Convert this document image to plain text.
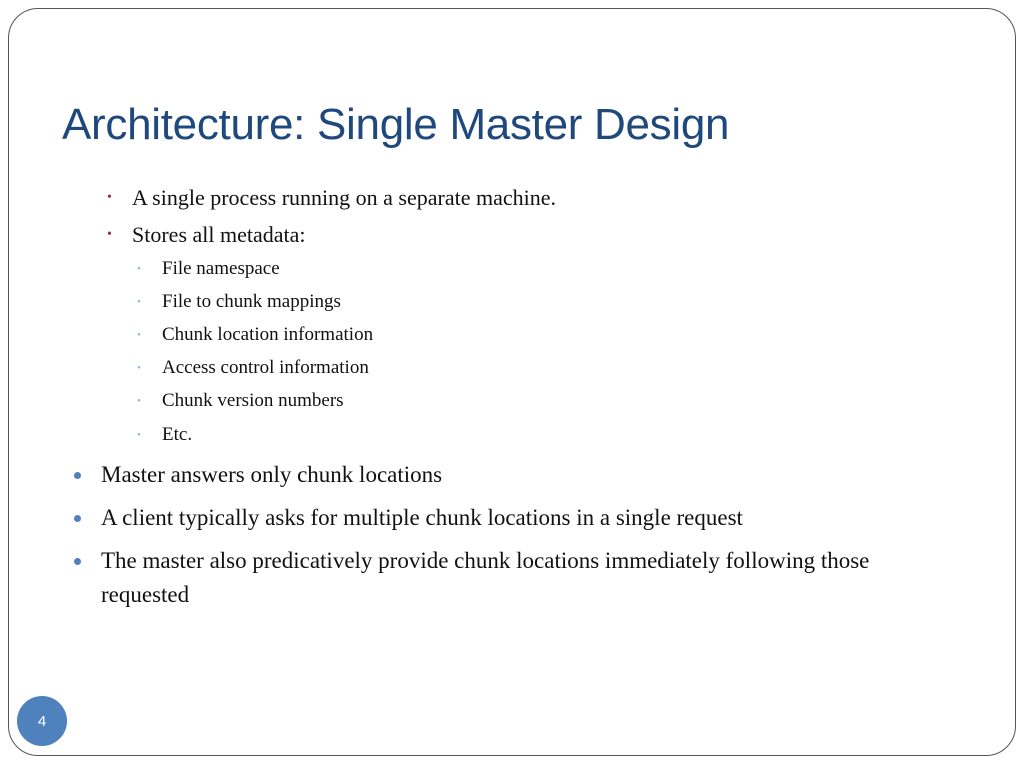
Architecture: Single Master Design
• A single process running on a separate machine.
• Stores all metadata:
• File namespace
• File to chunk mappings
• Chunk location information
• Access control information
• Chunk version numbers
• Etc.
Master answers only chunk locations
A client typically asks for multiple chunk locations in a single request
The master also predicatively provide chunk locations immediately following those
requested
4
